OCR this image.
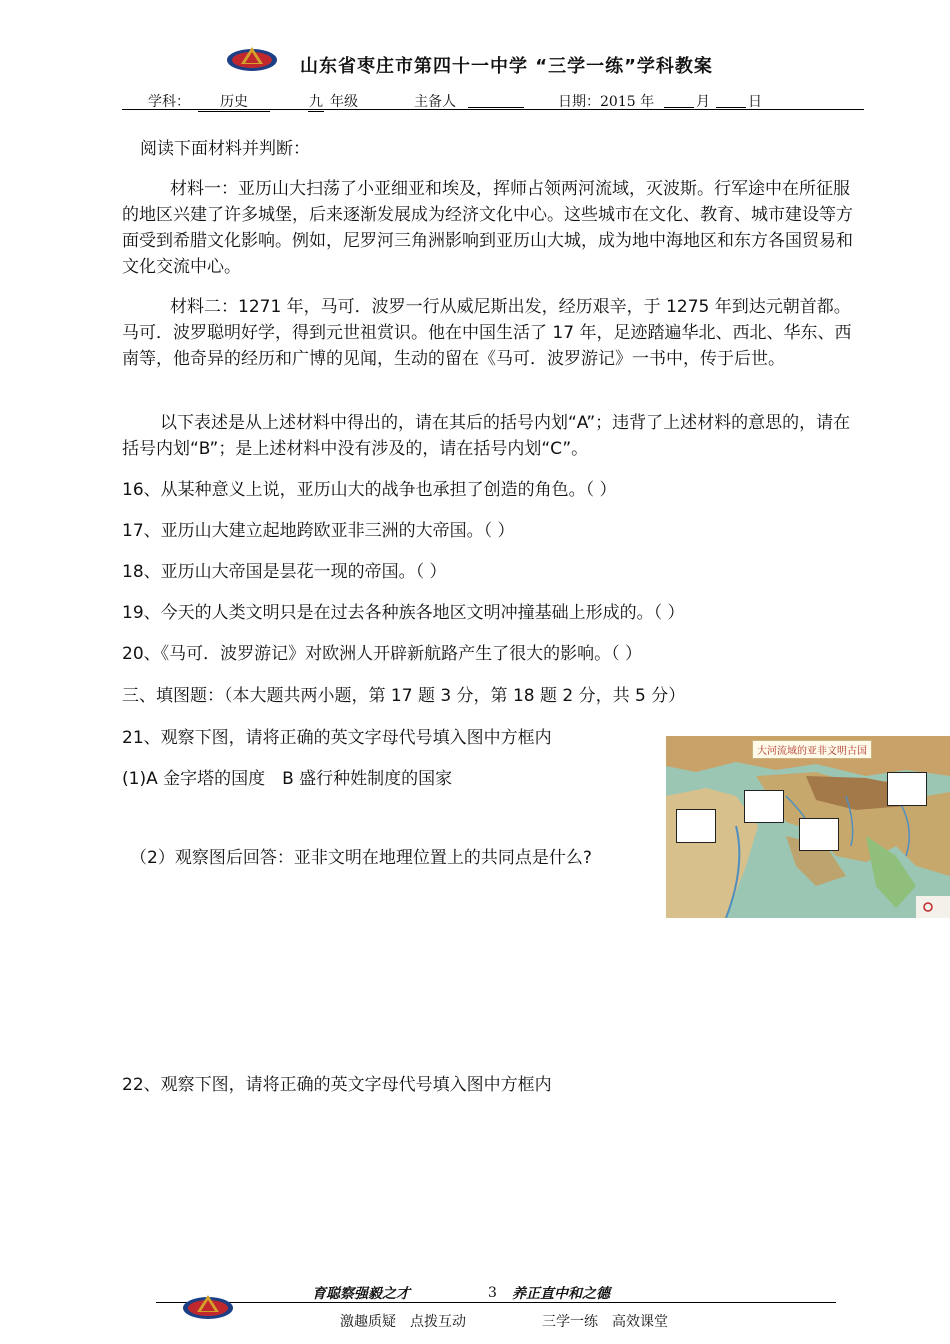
山东省枣庄市第四十一中学 “三学一练”学科教案
学科：	历史	九 年级	主备人	日期：2015 年	月	日
阅读下面材料并判断：
材料一：亚历山大扫荡了小亚细亚和埃及，挥师占领两河流域，灭波斯。行军途中在所征服的地区兴建了许多城堡，后来逐渐发展成为经济文化中心。这些城市在文化、教育、城市建设等方面受到希腊文化影响。例如，尼罗河三角洲影响到亚历山大城，成为地中海地区和东方各国贸易和文化交流中心。
材料二：1271 年，马可．波罗一行从威尼斯出发，经历艰辛，于 1275 年到达元朝首都。马可．波罗聪明好学，得到元世祖赏识。他在中国生活了 17 年，足迹踏遍华北、西北、华东、西南等，他奇异的经历和广博的见闻，生动的留在《马可．波罗游记》一书中，传于后世。
以下表述是从上述材料中得出的，请在其后的括号内划“A”；违背了上述材料的意思的，请在括号内划“B”；是上述材料中没有涉及的，请在括号内划“C”。
16、从某种意义上说，亚历山大的战争也承担了创造的角色。（ ）
17、亚历山大建立起地跨欧亚非三洲的大帝国。（ ）
18、亚历山大帝国是昙花一现的帝国。（ ）
19、今天的人类文明只是在过去各种族各地区文明冲撞基础上形成的。（ ）
20、《马可．波罗游记》对欧洲人开辟新航路产生了很大的影响。（ ）
三、填图题：（本大题共两小题，第 17 题 3 分，第 18 题 2 分，共 5 分）
21、观察下图，请将正确的英文字母代号填入图中方框内
(1)A 金字塔的国度　B 盛行种姓制度的国家
（2）观察图后回答：亚非文明在地理位置上的共同点是什么?
大河流域的亚非文明古国
22、观察下图，请将正确的英文字母代号填入图中方框内
育聪察强毅之才	3 养正直中和之德
激趣质疑　点拨互动	三学一练　高效课堂
